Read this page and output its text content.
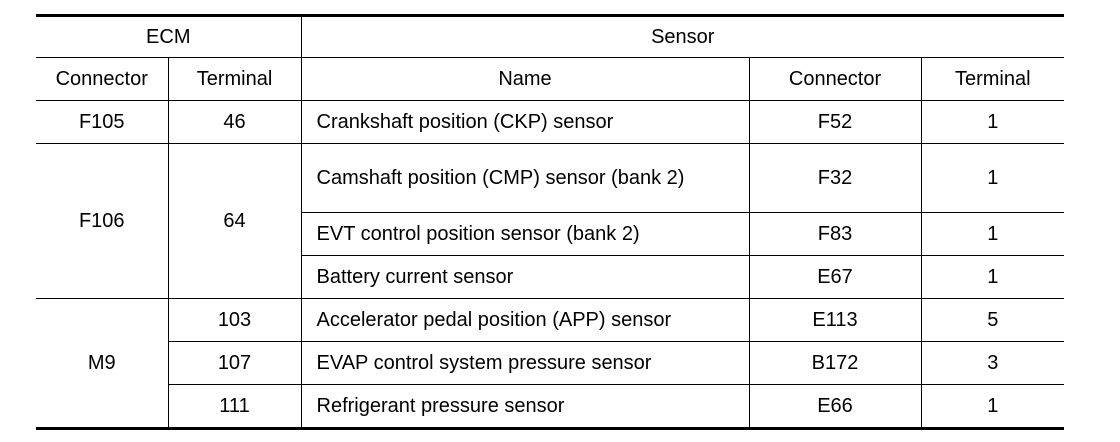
ECM		Sensor		
Connector	Terminal	Name	Connector	Terminal
F105	46	Crankshaft position (CKP) sensor	F52	1
F106	64	Camshaft position (CMP) sensor (bank 2)	F32	1
		EVT control position sensor (bank 2)	F83	1
		Battery current sensor	E67	1
M9	103	Accelerator pedal position (APP) sensor	E113	5
	107	EVAP control system pressure sensor	B172	3
	111	Refrigerant pressure sensor	E66	1
